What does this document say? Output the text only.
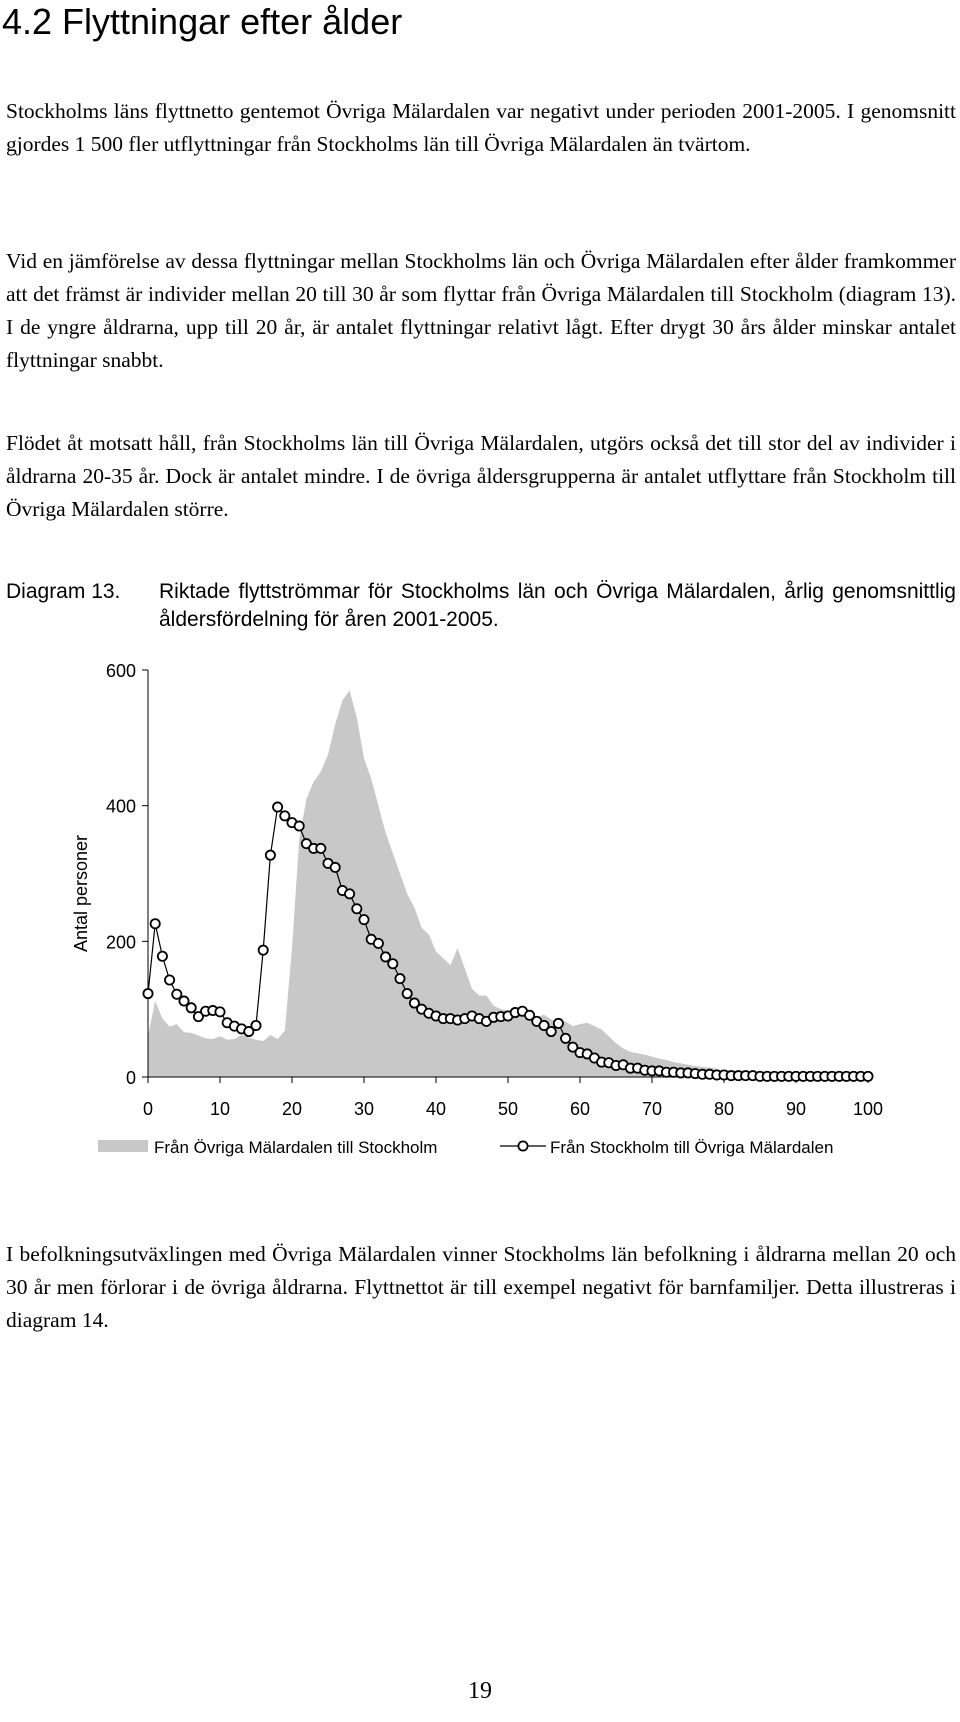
4.2 Flyttningar efter ålder

Stockholms läns flyttnetto gentemot Övriga Mälardalen var negativt under perioden 2001-2005. I genomsnitt gjordes 1 500 fler utflyttningar från Stockholms län till Övriga Mälardalen än tvärtom.

Vid en jämförelse av dessa flyttningar mellan Stockholms län och Övriga Mälardalen efter ålder framkommer att det främst är individer mellan 20 till 30 år som flyttar från Övriga Mälardalen till Stockholm (diagram 13). I de yngre åldrarna, upp till 20 år, är antalet flyttningar relativt lågt. Efter drygt 30 års ålder minskar antalet flyttningar snabbt.

Flödet åt motsatt håll, från Stockholms län till Övriga Mälardalen, utgörs också det till stor del av individer i åldrarna 20-35 år. Dock är antalet mindre. I de övriga åldersgrupperna är antalet utflyttare från Stockholm till Övriga Mälardalen större.

Diagram 13. Riktade flyttströmmar för Stockholms län och Övriga Mälardalen, årlig genomsnittlig åldersfördelning för åren 2001-2005.
0
200
400
600
0	10	20	30	40	50	60	70	80	90	100
Antal personer
Från Övriga Mälardalen till Stockholm	Från Stockholm till Övriga Mälardalen

I befolkningsutväxlingen med Övriga Mälardalen vinner Stockholms län befolkning i åldrarna mellan 20 och 30 år men förlorar i de övriga åldrarna. Flyttnettot är till exempel negativt för barnfamiljer. Detta illustreras i diagram 14.

19
